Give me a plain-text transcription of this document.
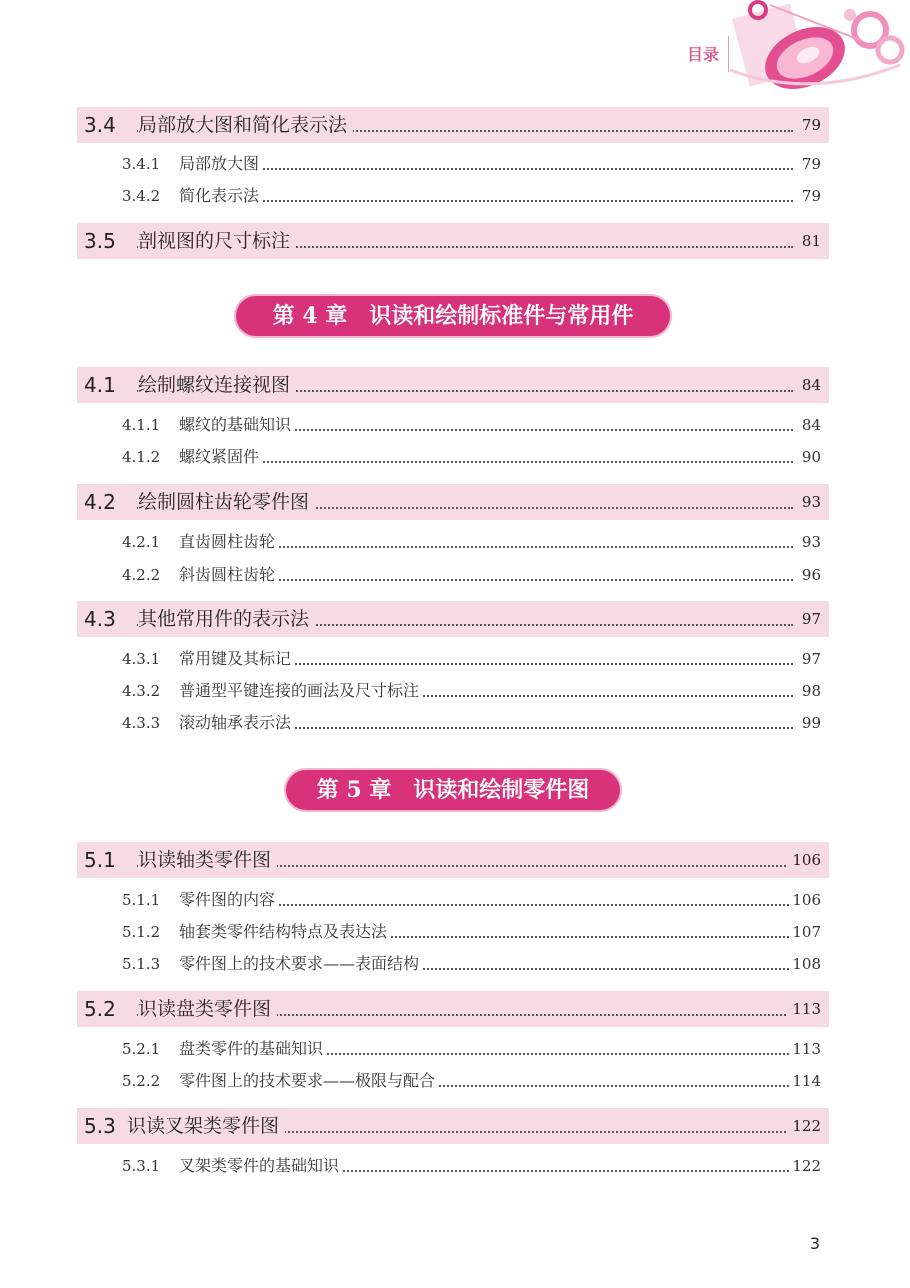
目录
3.4 局部放大图和简化表示法	79
3.4.1 局部放大图	79
3.4.2 简化表示法	79
3.5 剖视图的尺寸标注	81
第 4 章　识读和绘制标准件与常用件
4.1 绘制螺纹连接视图	84
4.1.1 螺纹的基础知识	84
4.1.2 螺纹紧固件	90
4.2 绘制圆柱齿轮零件图	93
4.2.1 直齿圆柱齿轮	93
4.2.2 斜齿圆柱齿轮	96
4.3 其他常用件的表示法	97
4.3.1 常用键及其标记	97
4.3.2 普通型平键连接的画法及尺寸标注	98
4.3.3 滚动轴承表示法	99
第 5 章　识读和绘制零件图
5.1 识读轴类零件图	106
5.1.1 零件图的内容	106
5.1.2 轴套类零件结构特点及表达法	107
5.1.3 零件图上的技术要求——表面结构	108
5.2 识读盘类零件图	113
5.2.1 盘类零件的基础知识	113
5.2.2 零件图上的技术要求——极限与配合	114
5.3 识读叉架类零件图	122
5.3.1 叉架类零件的基础知识	122
3
